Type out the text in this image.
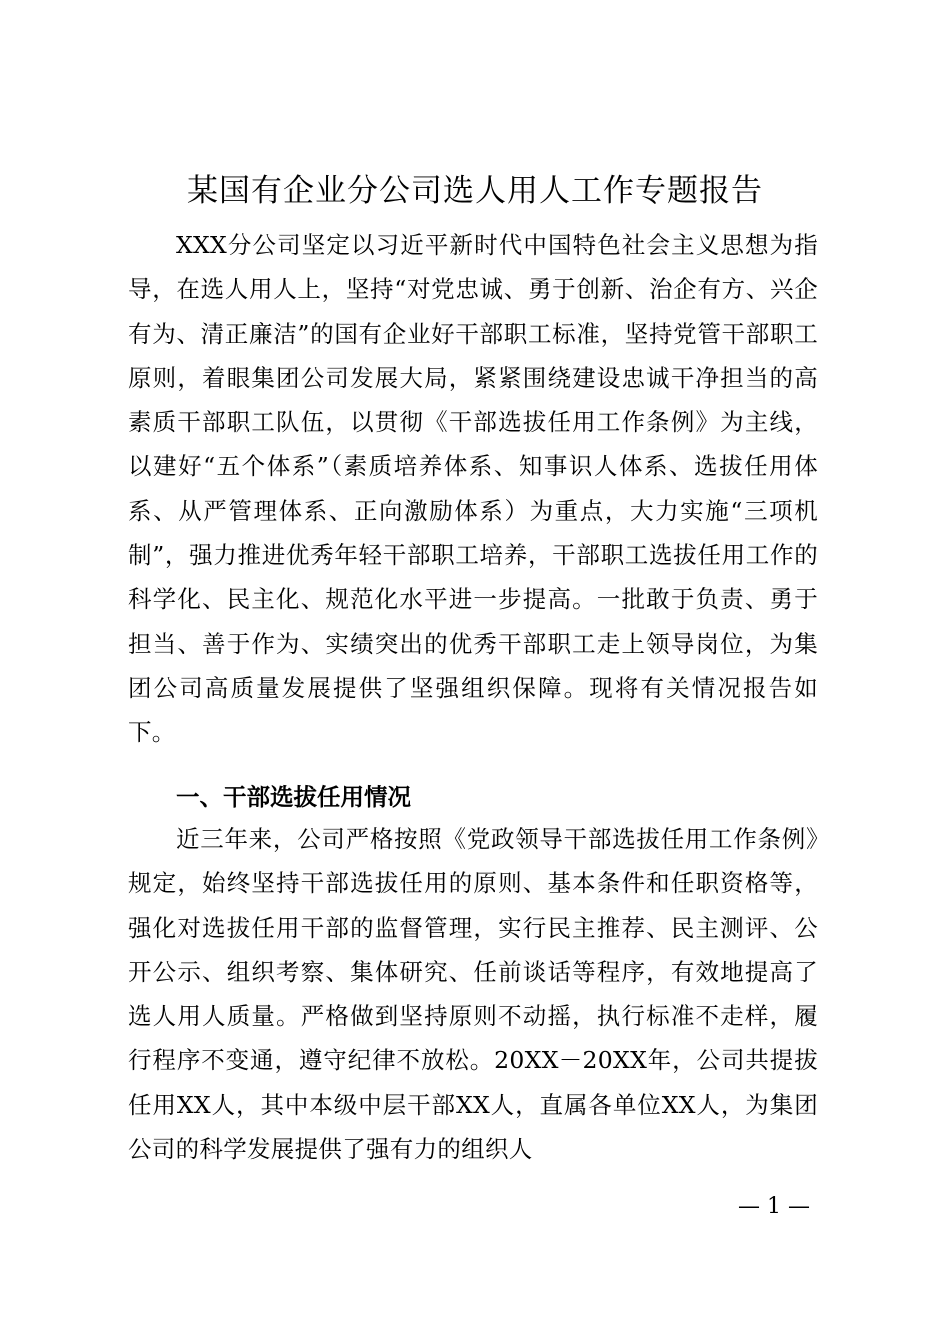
某国有企业分公司选人用人工作专题报告

XXX分公司坚定以习近平新时代中国特色社会主义思想为指导，在选人用人上，坚持“对党忠诚、勇于创新、治企有方、兴企有为、清正廉洁”的国有企业好干部职工标准，坚持党管干部职工原则，着眼集团公司发展大局，紧紧围绕建设忠诚干净担当的高素质干部职工队伍，以贯彻《干部选拔任用工作条例》为主线，以建好“五个体系”（素质培养体系、知事识人体系、选拔任用体系、从严管理体系、正向激励体系）为重点，大力实施“三项机制”，强力推进优秀年轻干部职工培养，干部职工选拔任用工作的科学化、民主化、规范化水平进一步提高。一批敢于负责、勇于担当、善于作为、实绩突出的优秀干部职工走上领导岗位，为集团公司高质量发展提供了坚强组织保障。现将有关情况报告如下。

一、干部选拔任用情况

近三年来，公司严格按照《党政领导干部选拔任用工作条例》规定，始终坚持干部选拔任用的原则、基本条件和任职资格等，强化对选拔任用干部的监督管理，实行民主推荐、民主测评、公开公示、组织考察、集体研究、任前谈话等程序，有效地提高了选人用人质量。严格做到坚持原则不动摇，执行标准不走样，履行程序不变通，遵守纪律不放松。20XX－20XX年，公司共提拔任用XX人，其中本级中层干部XX人，直属各单位XX人，为集团公司的科学发展提供了强有力的组织人

— 1 —
